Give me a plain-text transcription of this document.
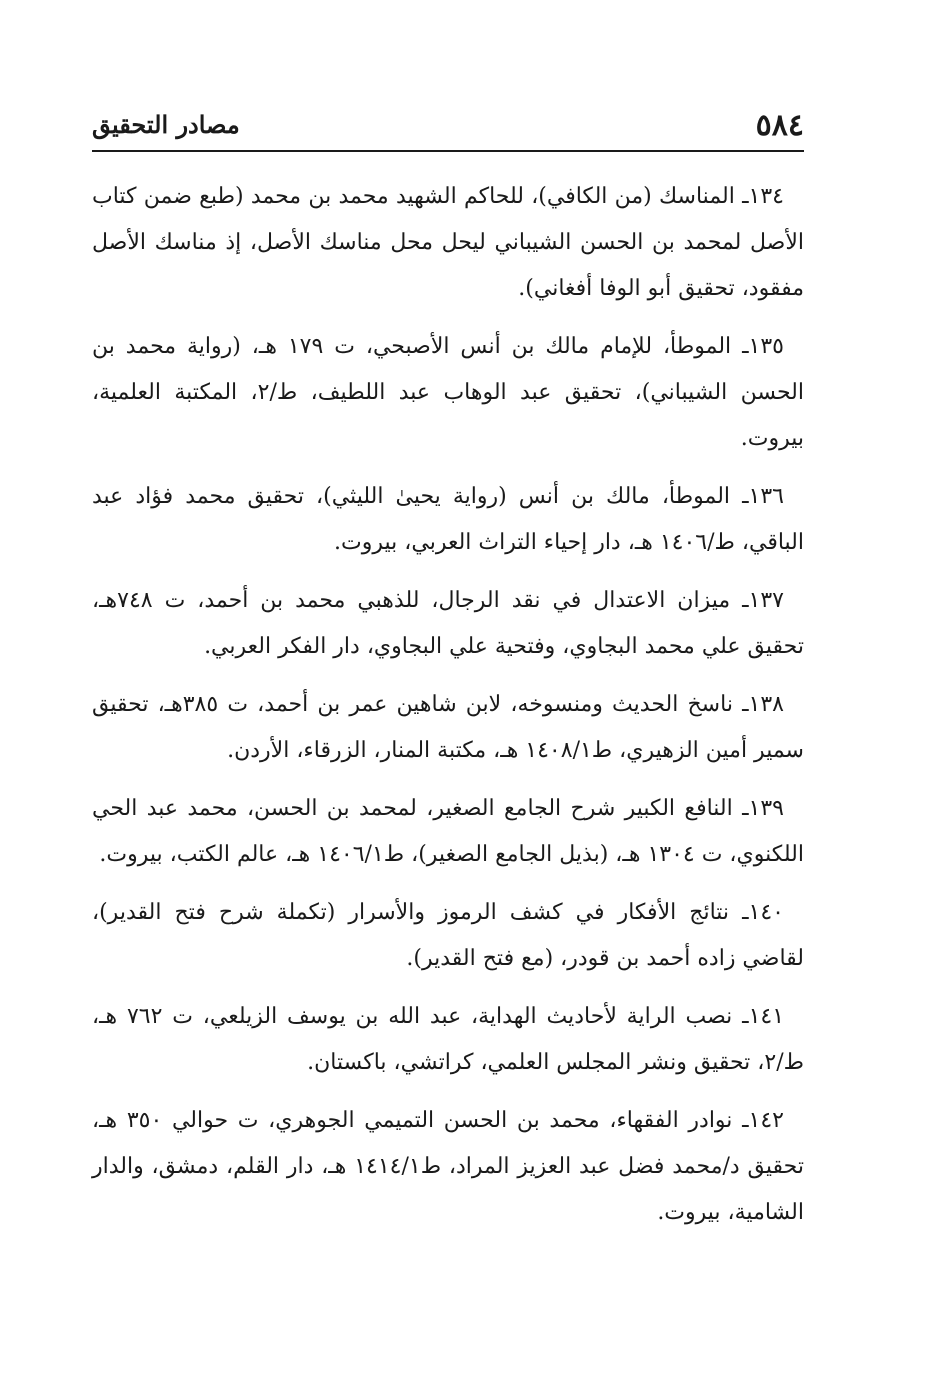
٥٨٤
مصادر التحقيق

١٣٤ـ المناسك (من الكافي)، للحاكم الشهيد محمد بن محمد (طبع ضمن كتاب الأصل لمحمد بن الحسن الشيباني ليحل محل مناسك الأصل، إذ مناسك الأصل مفقود، تحقيق أبو الوفا أفغاني).

١٣٥ـ الموطأ، للإمام مالك بن أنس الأصبحي، ت ١٧٩ هـ، (رواية محمد بن الحسن الشيباني)، تحقيق عبد الوهاب عبد اللطيف، ط/٢، المكتبة العلمية، بيروت.

١٣٦ـ الموطأ، مالك بن أنس (رواية يحيىٰ الليثي)، تحقيق محمد فؤاد عبد الباقي، ط/١٤٠٦ هـ، دار إحياء التراث العربي، بيروت.

١٣٧ـ ميزان الاعتدال في نقد الرجال، للذهبي محمد بن أحمد، ت ٧٤٨هـ، تحقيق علي محمد البجاوي، وفتحية علي البجاوي، دار الفكر العربي.

١٣٨ـ ناسخ الحديث ومنسوخه، لابن شاهين عمر بن أحمد، ت ٣٨٥هـ، تحقيق سمير أمين الزهيري، ط١٤٠٨/١ هـ، مكتبة المنار، الزرقاء، الأردن.

١٣٩ـ النافع الكبير شرح الجامع الصغير، لمحمد بن الحسن، محمد عبد الحي اللكنوي، ت ١٣٠٤ هـ، (بذيل الجامع الصغير)، ط١٤٠٦/١ هـ، عالم الكتب، بيروت.

١٤٠ـ نتائج الأفكار في كشف الرموز والأسرار (تكملة شرح فتح القدير)، لقاضي زاده أحمد بن قودر، (مع فتح القدير).

١٤١ـ نصب الراية لأحاديث الهداية، عبد الله بن يوسف الزيلعي، ت ٧٦٢ هـ، ط/٢، تحقيق ونشر المجلس العلمي، كراتشي، باكستان.

١٤٢ـ نوادر الفقهاء، محمد بن الحسن التميمي الجوهري، ت حوالي ٣٥٠ هـ، تحقيق د/محمد فضل عبد العزيز المراد، ط١٤١٤/١ هـ، دار القلم، دمشق، والدار الشامية، بيروت.
